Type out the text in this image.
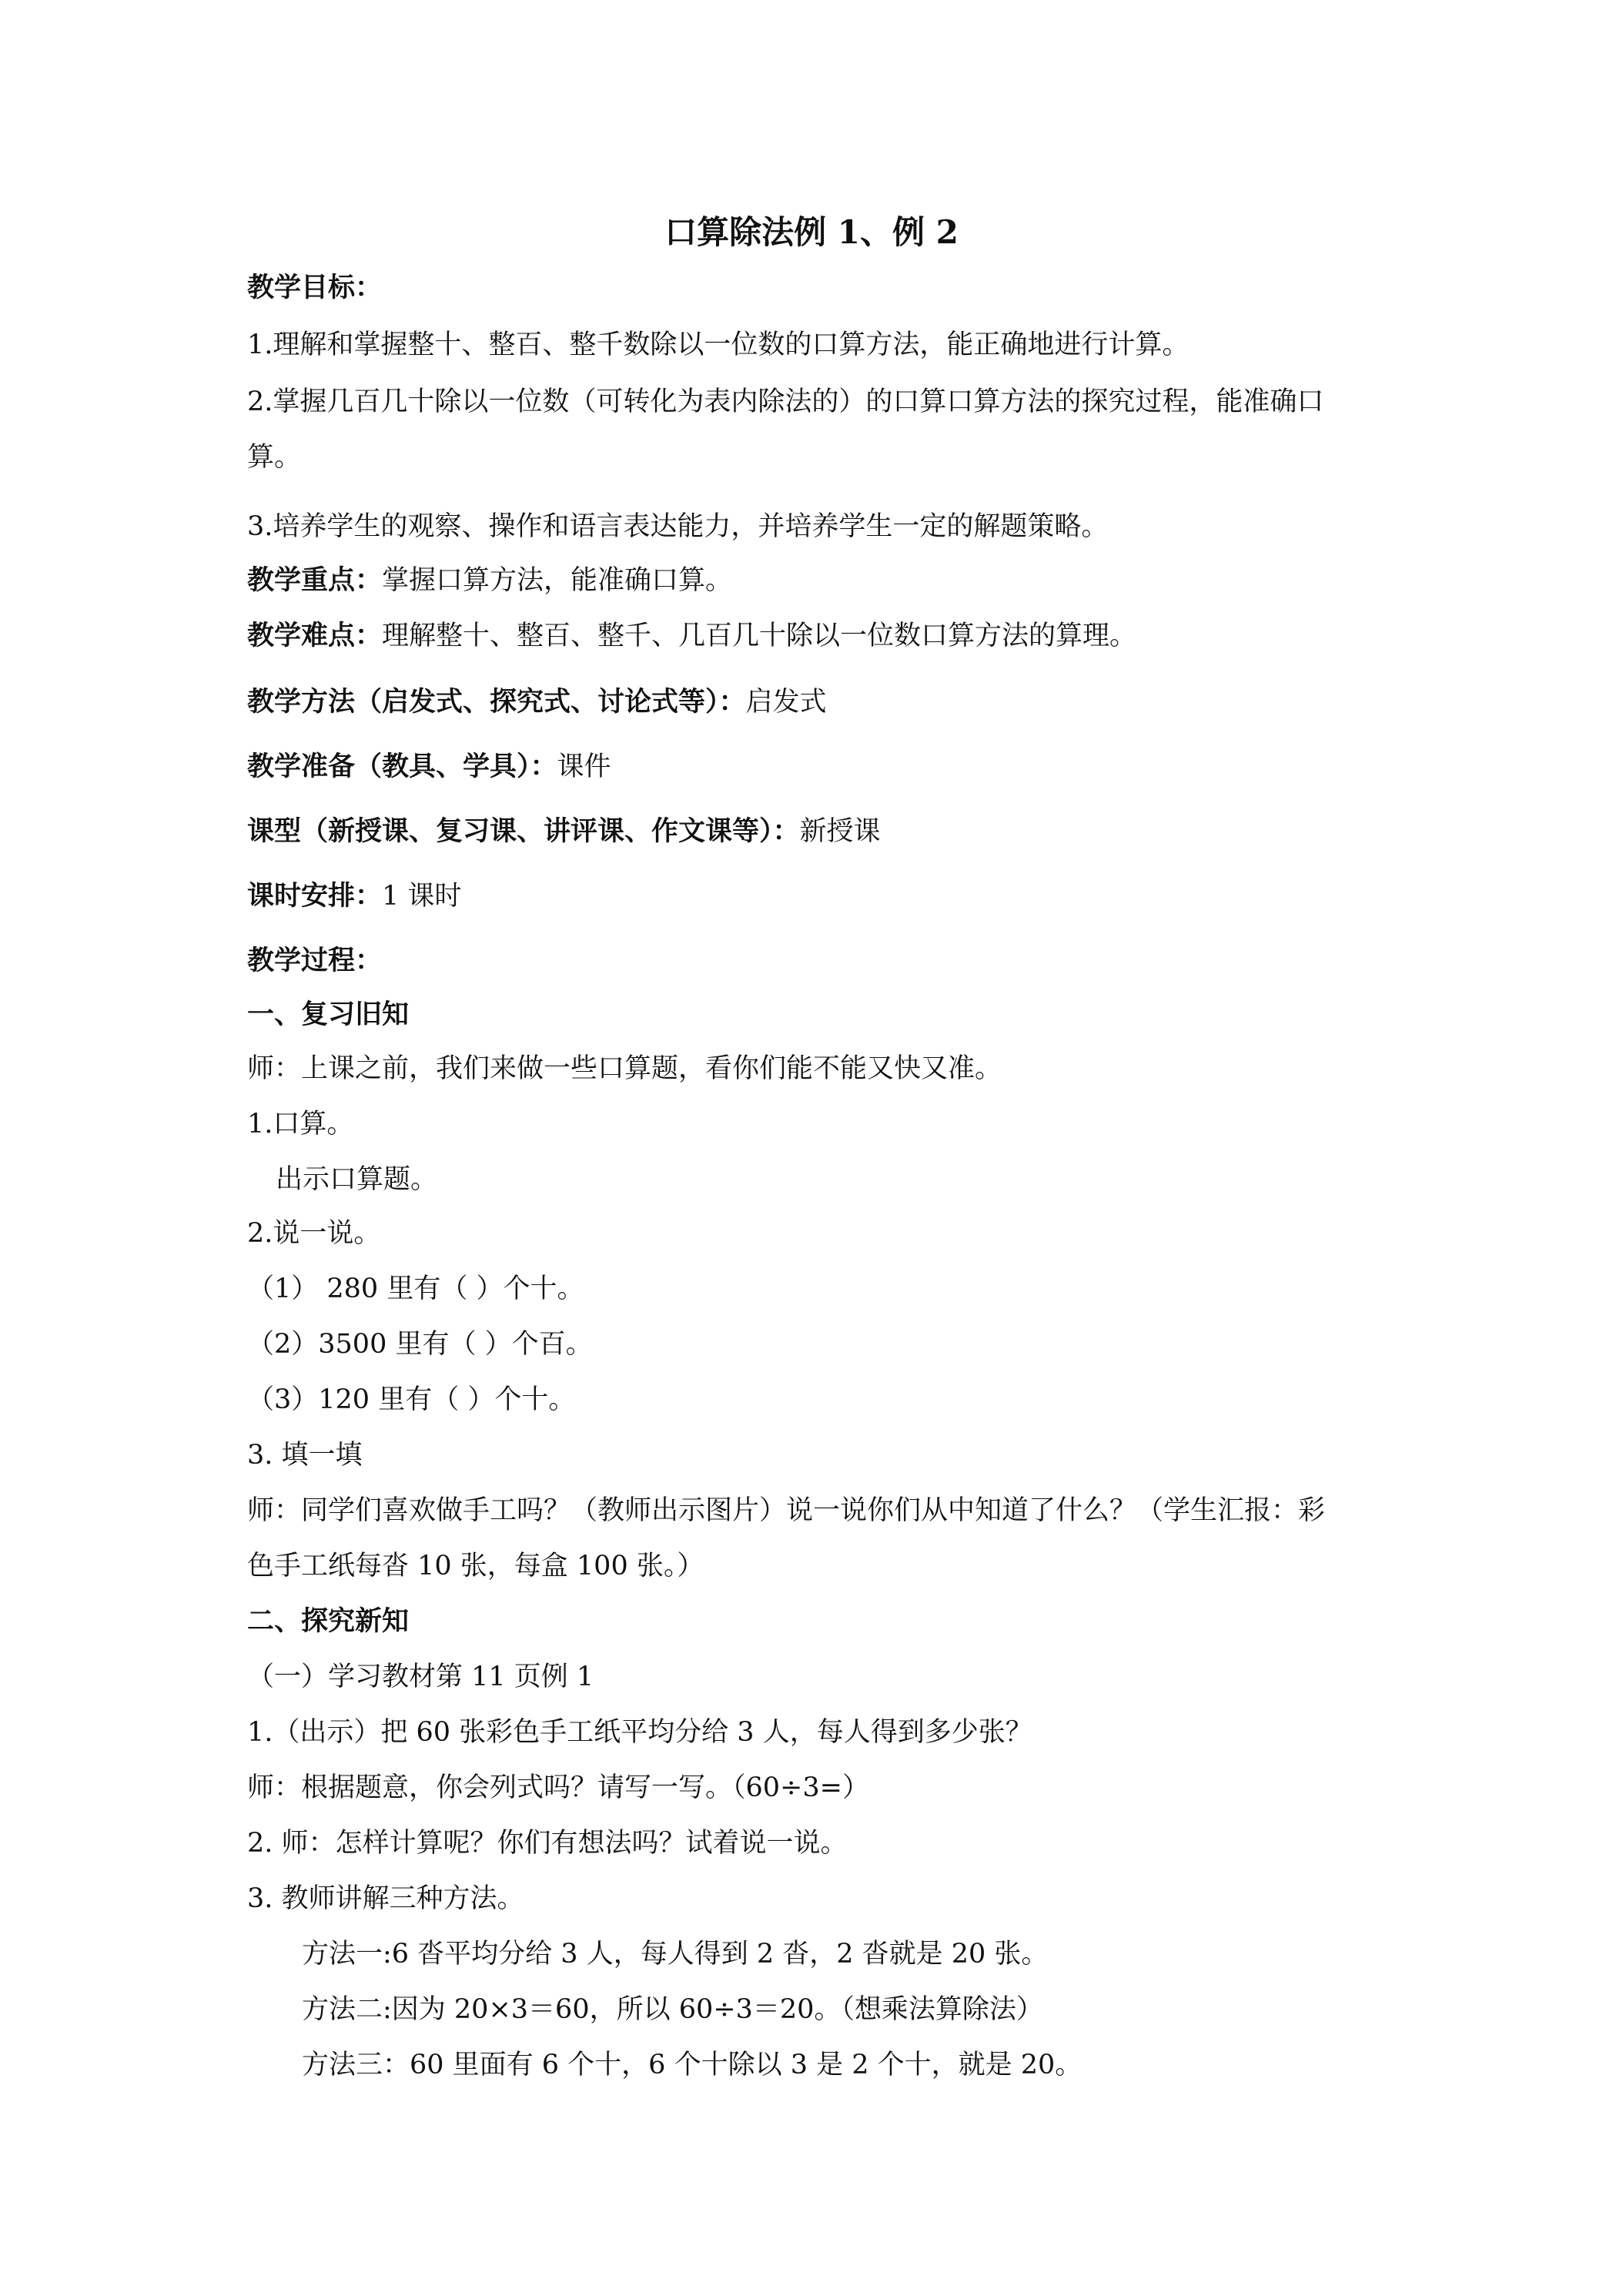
口算除法例 1、例 2
教学目标：
1.理解和掌握整十、整百、整千数除以一位数的口算方法，能正确地进行计算。
2.掌握几百几十除以一位数（可转化为表内除法的）的口算口算方法的探究过程，能准确口
算。
3.培养学生的观察、操作和语言表达能力，并培养学生一定的解题策略。
教学重点：掌握口算方法，能准确口算。
教学难点：理解整十、整百、整千、几百几十除以一位数口算方法的算理。
教学方法（启发式、探究式、讨论式等）：启发式
教学准备（教具、学具）：课件
课型（新授课、复习课、讲评课、作文课等）：新授课
课时安排：1 课时
教学过程：
一、复习旧知
师：上课之前，我们来做一些口算题，看你们能不能又快又准。
1.口算。
出示口算题。
2.说一说。
（1） 280 里有（ ）个十。
（2）3500 里有（ ）个百。
（3）120 里有（ ）个十。
3. 填一填
师：同学们喜欢做手工吗？（教师出示图片）说一说你们从中知道了什么？（学生汇报：彩
色手工纸每沓 10 张，每盒 100 张。）
二、探究新知
（一）学习教材第 11 页例 1
1.（出示）把 60 张彩色手工纸平均分给 3 人，每人得到多少张？
师：根据题意，你会列式吗？请写一写。（60÷3=）
2. 师：怎样计算呢？你们有想法吗？试着说一说。
3. 教师讲解三种方法。
方法一:6 沓平均分给 3 人，每人得到 2 沓，2 沓就是 20 张。
方法二:因为 20×3＝60，所以 60÷3＝20。（想乘法算除法）
方法三：60 里面有 6 个十，6 个十除以 3 是 2 个十，就是 20。
